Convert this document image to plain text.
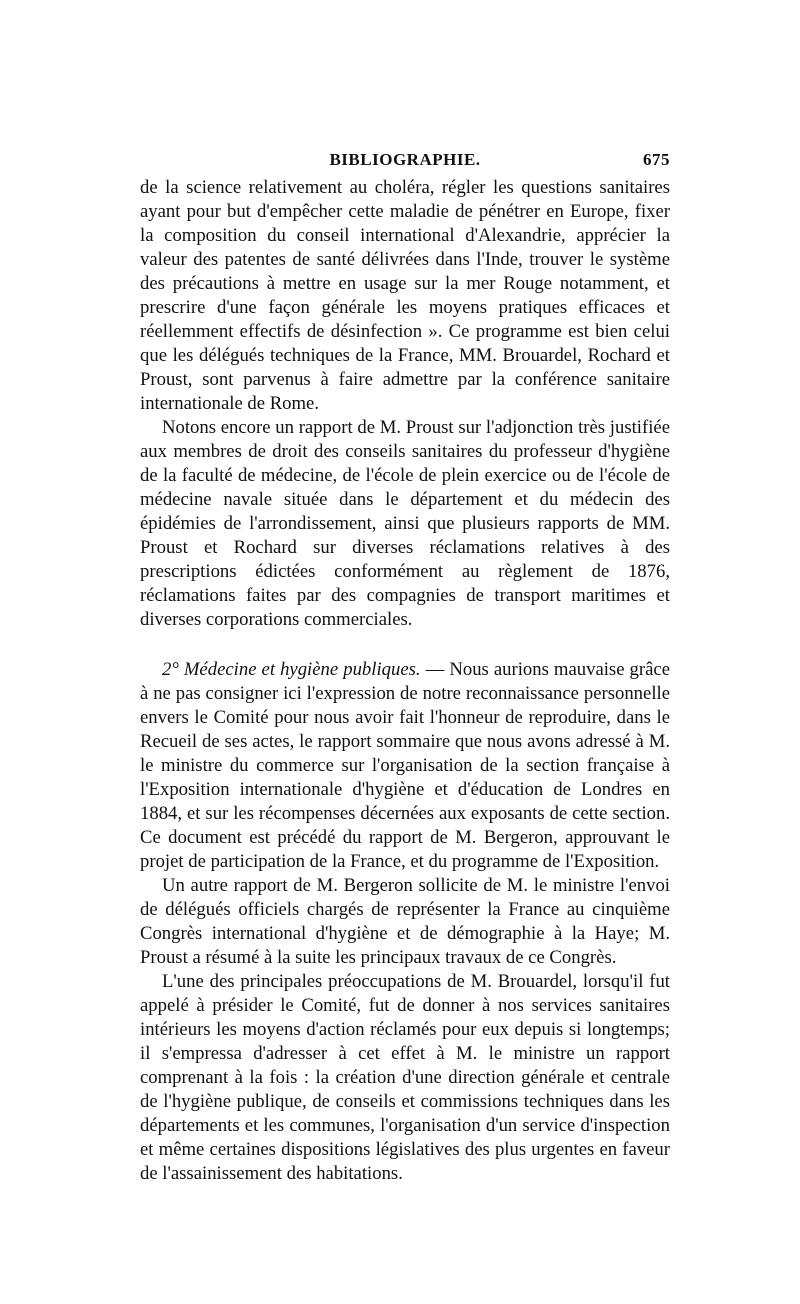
BIBLIOGRAPHIE.	675

de la science relativement au choléra, régler les questions sanitaires ayant pour but d'empêcher cette maladie de pénétrer en Europe, fixer la composition du conseil international d'Alexandrie, apprécier la valeur des patentes de santé délivrées dans l'Inde, trouver le système des précautions à mettre en usage sur la mer Rouge notamment, et prescrire d'une façon générale les moyens pratiques efficaces et réellemment effectifs de désinfection ». Ce programme est bien celui que les délégués techniques de la France, MM. Brouardel, Rochard et Proust, sont parvenus à faire admettre par la conférence sanitaire internationale de Rome.

Notons encore un rapport de M. Proust sur l'adjonction très justifiée aux membres de droit des conseils sanitaires du professeur d'hygiène de la faculté de médecine, de l'école de plein exercice ou de l'école de médecine navale située dans le département et du médecin des épidémies de l'arrondissement, ainsi que plusieurs rapports de MM. Proust et Rochard sur diverses réclamations relatives à des prescriptions édictées conformément au règlement de 1876, réclamations faites par des compagnies de transport maritimes et diverses corporations commerciales.

2° Médecine et hygiène publiques. — Nous aurions mauvaise grâce à ne pas consigner ici l'expression de notre reconnaissance personnelle envers le Comité pour nous avoir fait l'honneur de reproduire, dans le Recueil de ses actes, le rapport sommaire que nous avons adressé à M. le ministre du commerce sur l'organisation de la section française à l'Exposition internationale d'hygiène et d'éducation de Londres en 1884, et sur les récompenses décernées aux exposants de cette section. Ce document est précédé du rapport de M. Bergeron, approuvant le projet de participation de la France, et du programme de l'Exposition.

Un autre rapport de M. Bergeron sollicite de M. le ministre l'envoi de délégués officiels chargés de représenter la France au cinquième Congrès international d'hygiène et de démographie à la Haye; M. Proust a résumé à la suite les principaux travaux de ce Congrès.

L'une des principales préoccupations de M. Brouardel, lorsqu'il fut appelé à présider le Comité, fut de donner à nos services sanitaires intérieurs les moyens d'action réclamés pour eux depuis si longtemps; il s'empressa d'adresser à cet effet à M. le ministre un rapport comprenant à la fois : la création d'une direction générale et centrale de l'hygiène publique, de conseils et commissions techniques dans les départements et les communes, l'organisation d'un service d'inspection et même certaines dispositions législatives des plus urgentes en faveur de l'assainissement des habitations.
